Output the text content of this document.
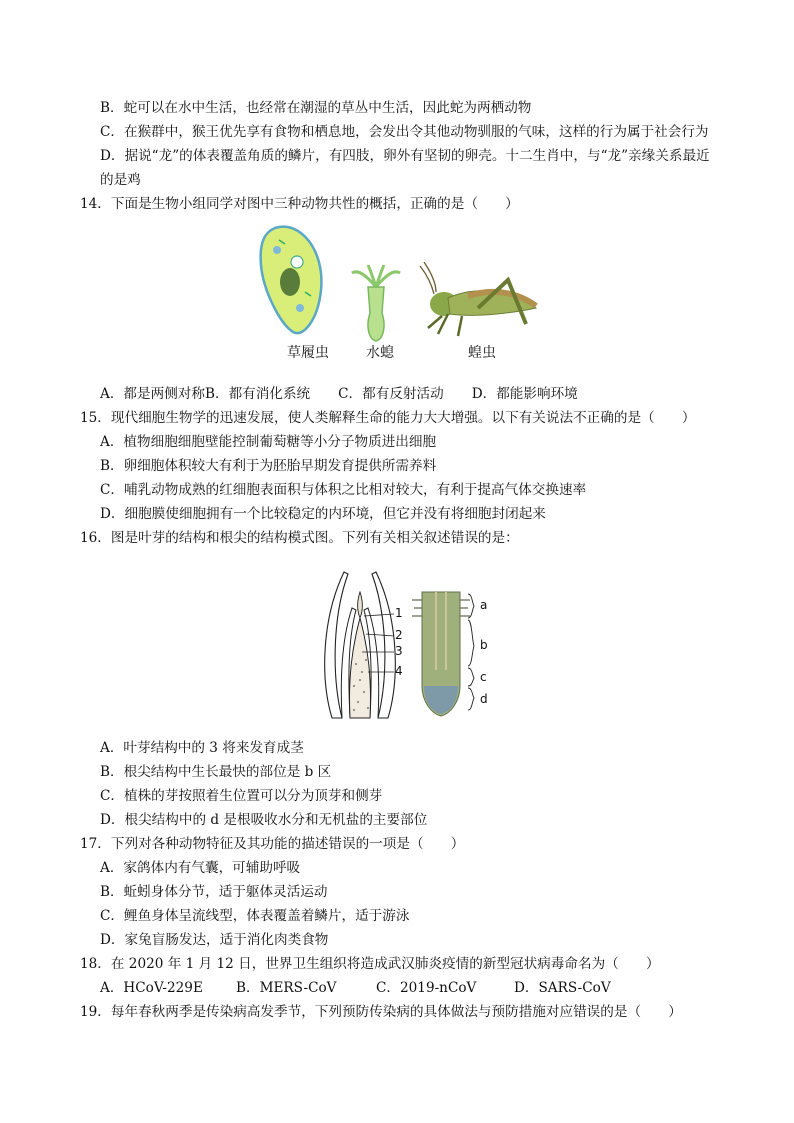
B．蛇可以在水中生活，也经常在潮湿的草丛中生活，因此蛇为两栖动物
C．在猴群中，猴王优先享有食物和栖息地，会发出令其他动物驯服的气味，这样的行为属于社会行为
D．据说“龙”的体表覆盖角质的鳞片，有四肢，卵外有坚韧的卵壳。十二生肖中，与“龙”亲缘关系最近
的是鸡
14．下面是生物小组同学对图中三种动物共性的概括，正确的是（　　）
草履虫	水螅	蝗虫
A．都是两侧对称B．都有消化系统 C．都有反射活动 D．都能影响环境
15．现代细胞生物学的迅速发展，使人类解释生命的能力大大增强。以下有关说法不正确的是（　　）
A．植物细胞细胞壁能控制葡萄糖等小分子物质进出细胞
B．卵细胞体积较大有利于为胚胎早期发育提供所需养料
C．哺乳动物成熟的红细胞表面积与体积之比相对较大，有利于提高气体交换速率
D．细胞膜使细胞拥有一个比较稳定的内环境，但它并没有将细胞封闭起来
16．图是叶芽的结构和根尖的结构模式图。下列有关相关叙述错误的是：
1
2
3
4
a
b
c
d
A．叶芽结构中的 3 将来发育成茎
B．根尖结构中生长最快的部位是 b 区
C．植株的芽按照着生位置可以分为顶芽和侧芽
D．根尖结构中的 d 是根吸收水分和无机盐的主要部位
17．下列对各种动物特征及其功能的描述错误的一项是（　　）
A．家鸽体内有气囊，可辅助呼吸
B．蚯蚓身体分节，适于躯体灵活运动
C．鲤鱼身体呈流线型，体表覆盖着鳞片，适于游泳
D．家兔盲肠发达，适于消化肉类食物
18．在 2020 年 1 月 12 日，世界卫生组织将造成武汉肺炎疫情的新型冠状病毒命名为（　　）
A．HCoV-229E B．MERS-CoV	C．2019-nCoV	D．SARS-CoV
19．每年春秋两季是传染病高发季节，下列预防传染病的具体做法与预防措施对应错误的是（　　）
